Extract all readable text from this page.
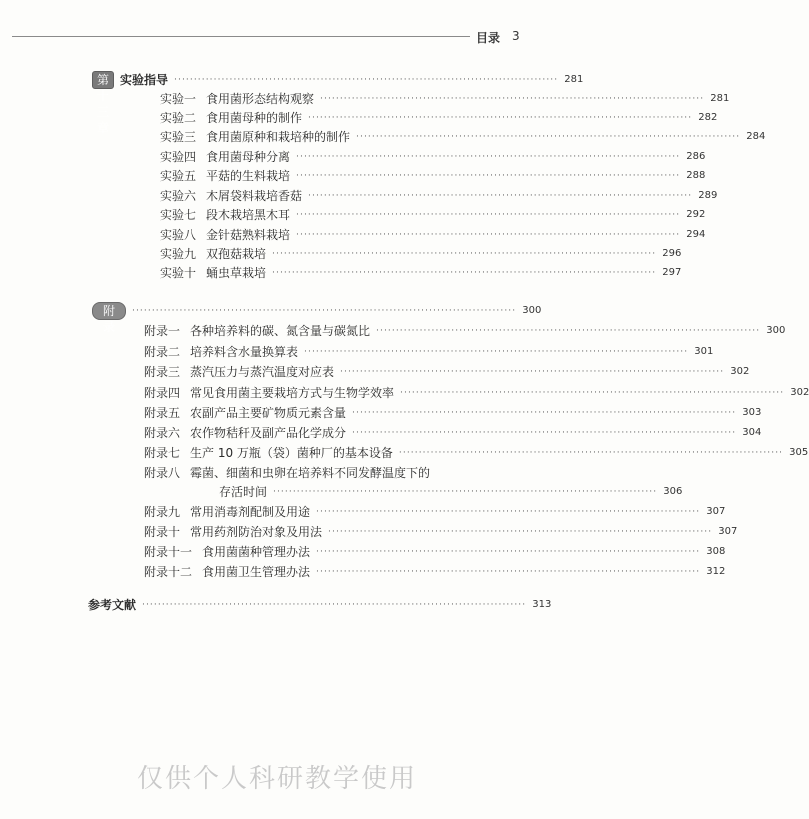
目录 3
第十三章
实验指导 ································································································· 281
实验一 食用菌形态结构观察 ································································································· 281
实验二 食用菌母种的制作 ································································································· 282
实验三 食用菌原种和栽培种的制作 ································································································· 284
实验四 食用菌母种分离 ································································································· 286
实验五 平菇的生料栽培 ································································································· 288
实验六 木屑袋料栽培香菇 ································································································· 289
实验七 段木栽培黑木耳 ································································································· 292
实验八 金针菇熟料栽培 ································································································· 294
实验九 双孢菇栽培 ································································································· 296
实验十 蛹虫草栽培 ································································································· 297
附录
································································································· 300
附录一 各种培养料的碳、氮含量与碳氮比 ································································································· 300
附录二 培养料含水量换算表 ································································································· 301
附录三 蒸汽压力与蒸汽温度对应表 ································································································· 302
附录四 常见食用菌主要栽培方式与生物学效率 ································································································· 302
附录五 农副产品主要矿物质元素含量 ································································································· 303
附录六 农作物秸秆及副产品化学成分 ································································································· 304
附录七 生产 10 万瓶（袋）菌种厂的基本设备 ································································································· 305
附录八 霉菌、细菌和虫卵在培养料不同发酵温度下的
存活时间 ································································································· 306
附录九 常用消毒剂配制及用途 ································································································· 307
附录十 常用药剂防治对象及用法 ································································································· 307
附录十一 食用菌菌种管理办法 ································································································· 308
附录十二 食用菌卫生管理办法 ································································································· 312
参考文献 ································································································· 313
仅供个人科研教学使用
